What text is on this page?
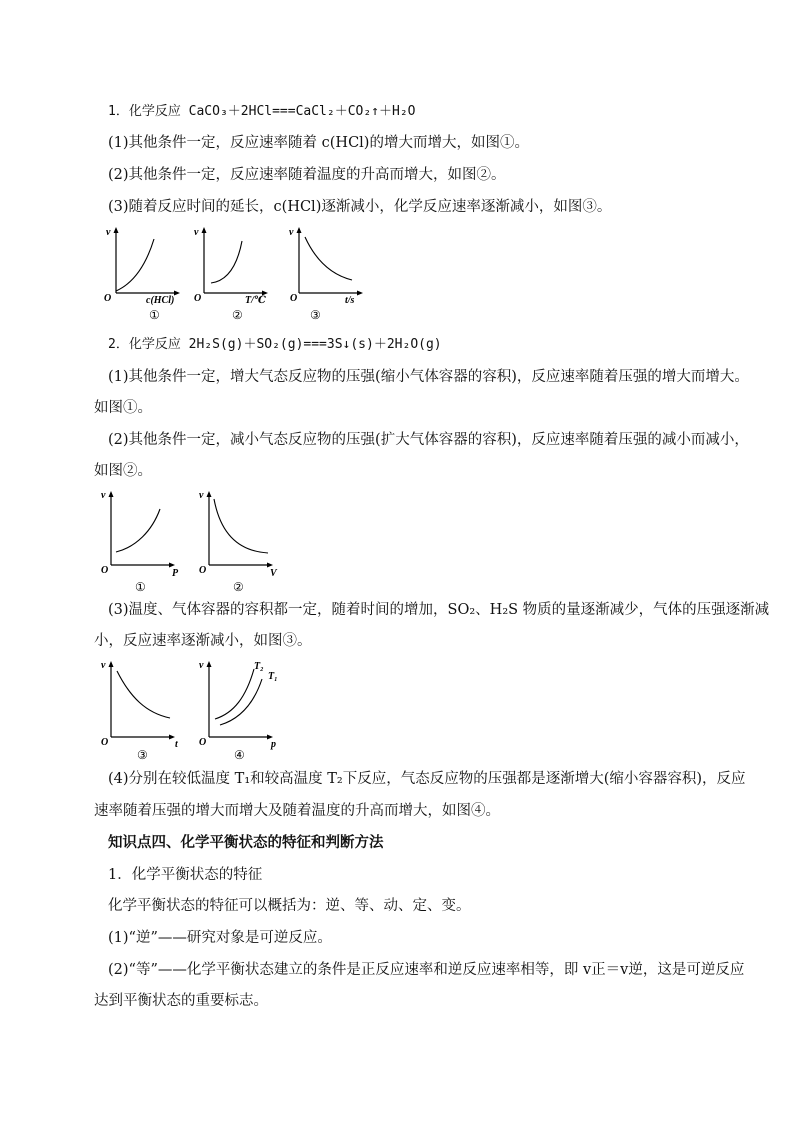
1．化学反应 CaCO₃＋2HCl===CaCl₂＋CO₂↑＋H₂O
(1)其他条件一定，反应速率随着 c(HCl)的增大而增大，如图①。
(2)其他条件一定，反应速率随着温度的升高而增大，如图②。
(3)随着反应时间的延长，c(HCl)逐渐减小，化学反应速率逐渐减小，如图③。
v
O	c(HCl)
①
v
O	T/℃
②
v
O	t/s
③
2．化学反应 2H₂S(g)＋SO₂(g)===3S↓(s)＋2H₂O(g)
(1)其他条件一定，增大气态反应物的压强(缩小气体容器的容积)，反应速率随着压强的增大而增大。
如图①。
(2)其他条件一定，减小气态反应物的压强(扩大气体容器的容积)，反应速率随着压强的减小而减小，
如图②。
v
O	P
①
v
O	V
②
(3)温度、气体容器的容积都一定，随着时间的增加，SO₂、H₂S 物质的量逐渐减少，气体的压强逐渐减
小，反应速率逐渐减小，如图③。
v
O	t
③
v
O	p
T₂
T₁
④
(4)分别在较低温度 T₁和较高温度 T₂下反应，气态反应物的压强都是逐渐增大(缩小容器容积)，反应
速率随着压强的增大而增大及随着温度的升高而增大，如图④。
知识点四、化学平衡状态的特征和判断方法
1．化学平衡状态的特征
化学平衡状态的特征可以概括为：逆、等、动、定、变。
(1)“逆”——研究对象是可逆反应。
(2)“等”——化学平衡状态建立的条件是正反应速率和逆反应速率相等，即 v正＝v逆，这是可逆反应
达到平衡状态的重要标志。
